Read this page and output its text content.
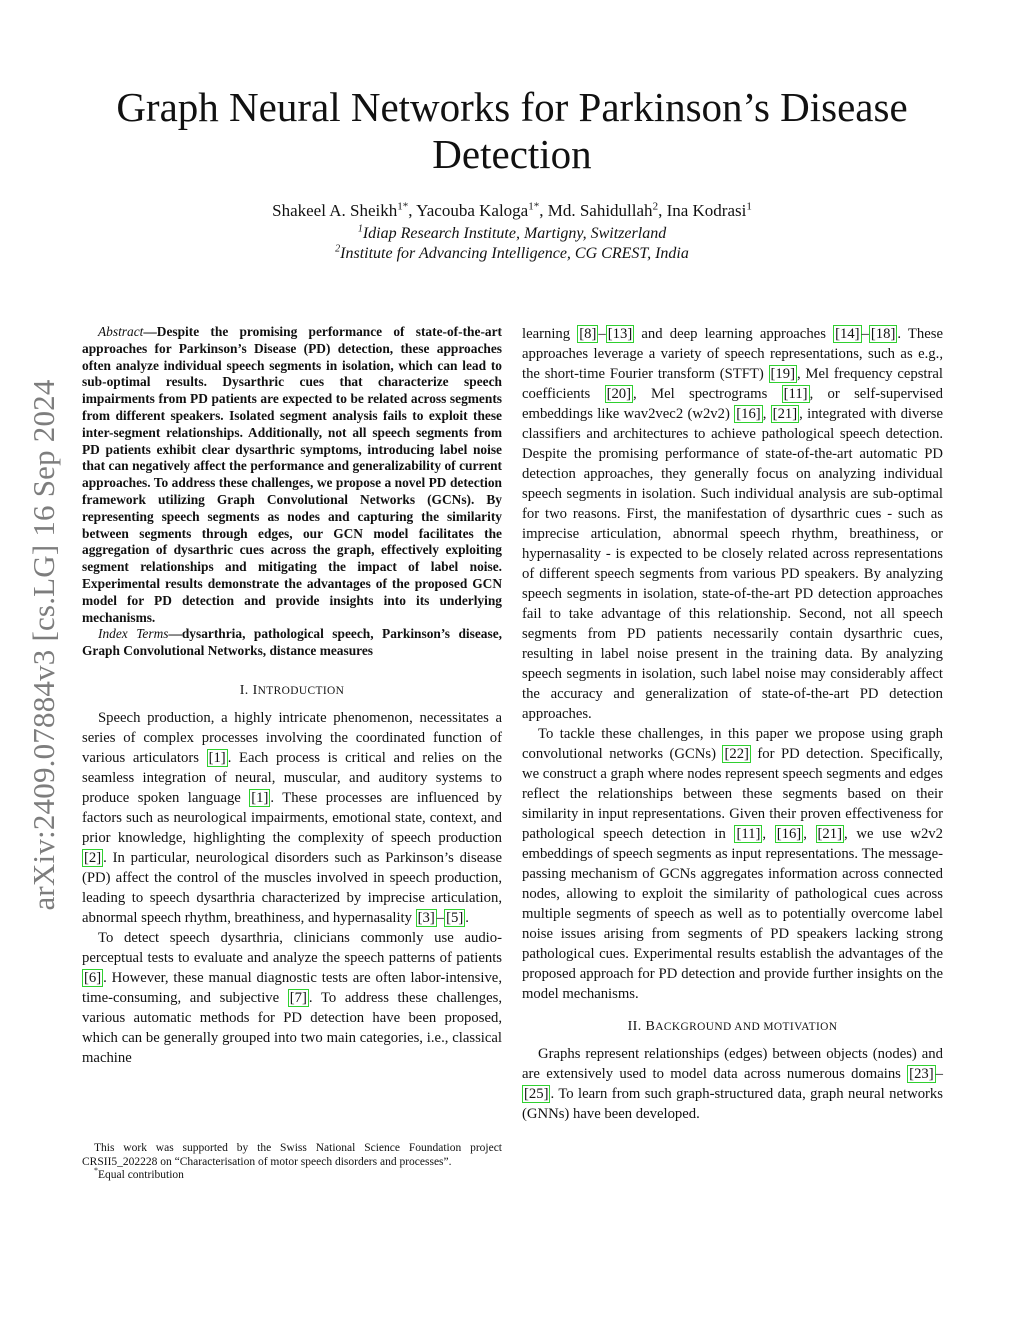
arXiv:2409.07884v3 [cs.LG] 16 Sep 2024
Graph Neural Networks for Parkinson’s Disease
Detection
Shakeel A. Sheikh$^{1*}$, Yacouba Kaloga$^{1*}$, Md. Sahidullah$^2$, Ina Kodrasi$^1$
$^1$Idiap Research Institute, Martigny, Switzerland
$^2$Institute for Advancing Intelligence, CG CREST, India

Abstract—Despite the promising performance of state-of-the-art approaches for Parkinson’s Disease (PD) detection, these approaches often analyze individual speech segments in isolation, which can lead to sub-optimal results. Dysarthric cues that characterize speech impairments from PD patients are expected to be related across segments from different speakers. Isolated segment analysis fails to exploit these inter-segment relationships. Additionally, not all speech segments from PD patients exhibit clear dysarthric symptoms, introducing label noise that can negatively affect the performance and generalizability of current approaches. To address these challenges, we propose a novel PD detection framework utilizing Graph Convolutional Networks (GCNs). By representing speech segments as nodes and capturing the similarity between segments through edges, our GCN model facilitates the aggregation of dysarthric cues across the graph, effectively exploiting segment relationships and mitigating the impact of label noise. Experimental results demonstrate the advantages of the proposed GCN model for PD detection and provide insights into its underlying mechanisms.

Index Terms—dysarthria, pathological speech, Parkinson’s disease, Graph Convolutional Networks, distance measures

I. INTRODUCTION

Speech production, a highly intricate phenomenon, necessitates a series of complex processes involving the coordinated function of various articulators [1] . Each process is critical and relies on the seamless integration of neural, muscular, and auditory systems to produce spoken language [1] . These processes are influenced by factors such as neurological impairments, emotional state, context, and prior knowledge, highlighting the complexity of speech production [2] . In particular, neurological disorders such as Parkinson’s disease (PD) affect the control of the muscles involved in speech production, leading to speech dysarthria characterized by imprecise articulation, abnormal speech rhythm, breathiness, and hypernasality [3] – [5] .

To detect speech dysarthria, clinicians commonly use audio-perceptual tests to evaluate and analyze the speech patterns of patients [6] . However, these manual diagnostic tests are often labor-intensive, time-consuming, and subjective [7] . To address these challenges, various automatic methods for PD detection have been proposed, which can be generally grouped into two main categories, i.e., classical machine

learning [8] – [13] and deep learning approaches [14] – [18] . These approaches leverage a variety of speech representations, such as e.g., the short-time Fourier transform (STFT) [19] , Mel frequency cepstral coefficients [20] , Mel spectrograms [11] , or self-supervised embeddings like wav2vec2 (w2v2) [16] , [21] , integrated with diverse classifiers and architectures to achieve pathological speech detection. Despite the promising performance of state-of-the-art automatic PD detection approaches, they generally focus on analyzing individual speech segments in isolation. Such individual analysis are sub-optimal for two reasons. First, the manifestation of dysarthric cues - such as imprecise articulation, abnormal speech rhythm, breathiness, or hypernasality - is expected to be closely related across representations of different speech segments from various PD speakers. By analyzing speech segments in isolation, state-of-the-art PD detection approaches fail to take advantage of this relationship. Second, not all speech segments from PD patients necessarily contain dysarthric cues, resulting in label noise present in the training data. By analyzing speech segments in isolation, such label noise may considerably affect the accuracy and generalization of state-of-the-art PD detection approaches.

To tackle these challenges, in this paper we propose using graph convolutional networks (GCNs) [22] for PD detection. Specifically, we construct a graph where nodes represent speech segments and edges reflect the relationships between these segments based on their similarity in input representations. Given their proven effectiveness for pathological speech detection in [11] , [16] , [21] , we use w2v2 embeddings of speech segments as input representations. The message-passing mechanism of GCNs aggregates information across connected nodes, allowing to exploit the similarity of pathological cues across multiple segments of speech as well as to potentially overcome label noise issues arising from segments of PD speakers lacking strong pathological cues. Experimental results establish the advantages of the proposed approach for PD detection and provide further insights on the model mechanisms.

II. BACKGROUND AND MOTIVATION

Graphs represent relationships (edges) between objects (nodes) and are extensively used to model data across numerous domains [23] –[25] . To learn from such graph-structured data, graph neural networks (GNNs) have been developed.

This work was supported by the Swiss National Science Foundation project CRSII5_202228 on “Characterisation of motor speech disorders and processes”.

*Equal contribution
